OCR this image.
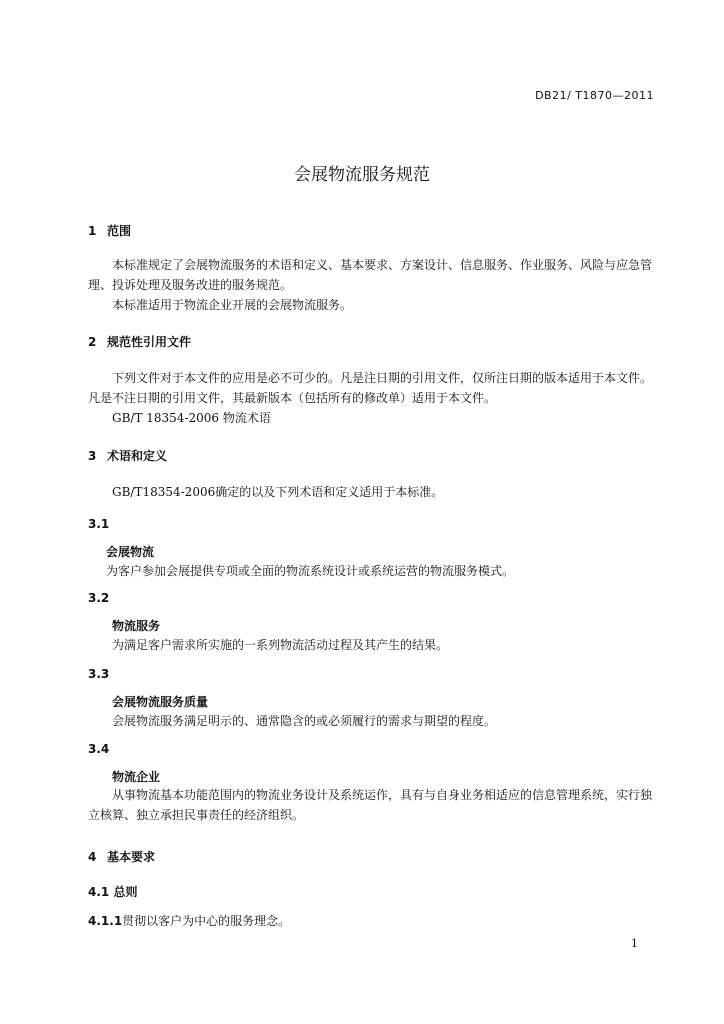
DB21/ T1870—2011
会展物流服务规范
1 范围
本标准规定了会展物流服务的术语和定义、基本要求、方案设计、信息服务、作业服务、风险与应急管理、投诉处理及服务改进的服务规范。
本标准适用于物流企业开展的会展物流服务。
2 规范性引用文件
下列文件对于本文件的应用是必不可少的。凡是注日期的引用文件，仅所注日期的版本适用于本文件。凡是不注日期的引用文件，其最新版本（包括所有的修改单）适用于本文件。
GB/T 18354-2006 物流术语
3 术语和定义
GB/T18354-2006确定的以及下列术语和定义适用于本标准。
3.1
会展物流
为客户参加会展提供专项或全面的物流系统设计或系统运营的物流服务模式。
3.2
物流服务
为满足客户需求所实施的一系列物流活动过程及其产生的结果。
3.3
会展物流服务质量
会展物流服务满足明示的、通常隐含的或必须履行的需求与期望的程度。
3.4
物流企业
从事物流基本功能范围内的物流业务设计及系统运作，具有与自身业务相适应的信息管理系统，实行独立核算、独立承担民事责任的经济组织。
4 基本要求
4.1 总则
4.1.1贯彻以客户为中心的服务理念。
1
